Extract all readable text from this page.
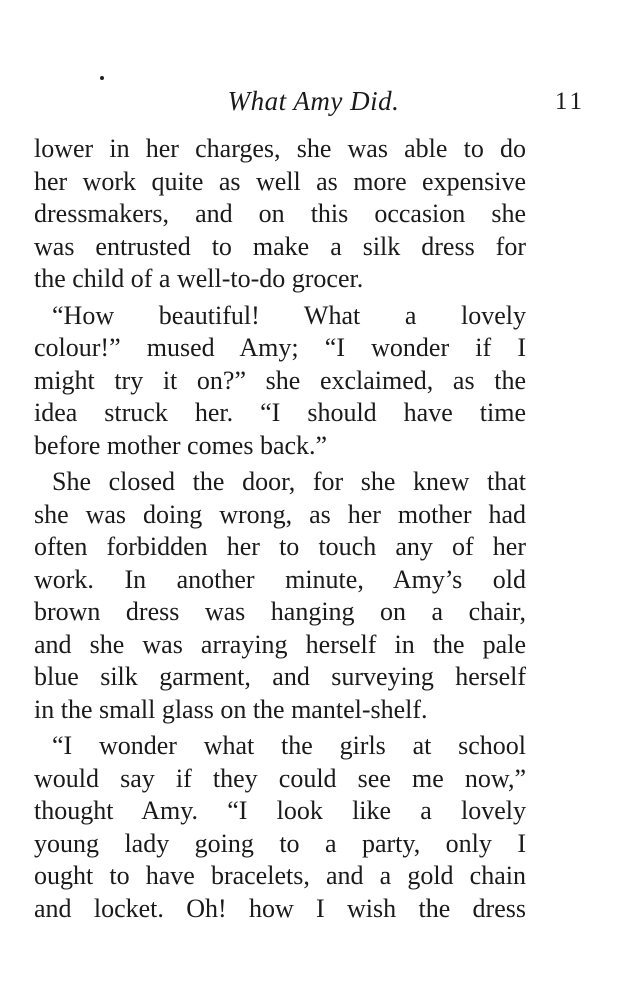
What Amy Did.	11
lower in her charges, she was able to do
her work quite as well as more expensive
dressmakers, and on this occasion she
was entrusted to make a silk dress for
the child of a well-to-do grocer.
“How beautiful! What a lovely
colour!” mused Amy; “I wonder if I
might try it on?” she exclaimed, as the
idea struck her. “I should have time
before mother comes back.”
She closed the door, for she knew that
she was doing wrong, as her mother had
often forbidden her to touch any of her
work. In another minute, Amy’s old
brown dress was hanging on a chair,
and she was arraying herself in the pale
blue silk garment, and surveying herself
in the small glass on the mantel-shelf.
“I wonder what the girls at school
would say if they could see me now,”
thought Amy. “I look like a lovely
young lady going to a party, only I
ought to have bracelets, and a gold chain
and locket. Oh! how I wish the dress
